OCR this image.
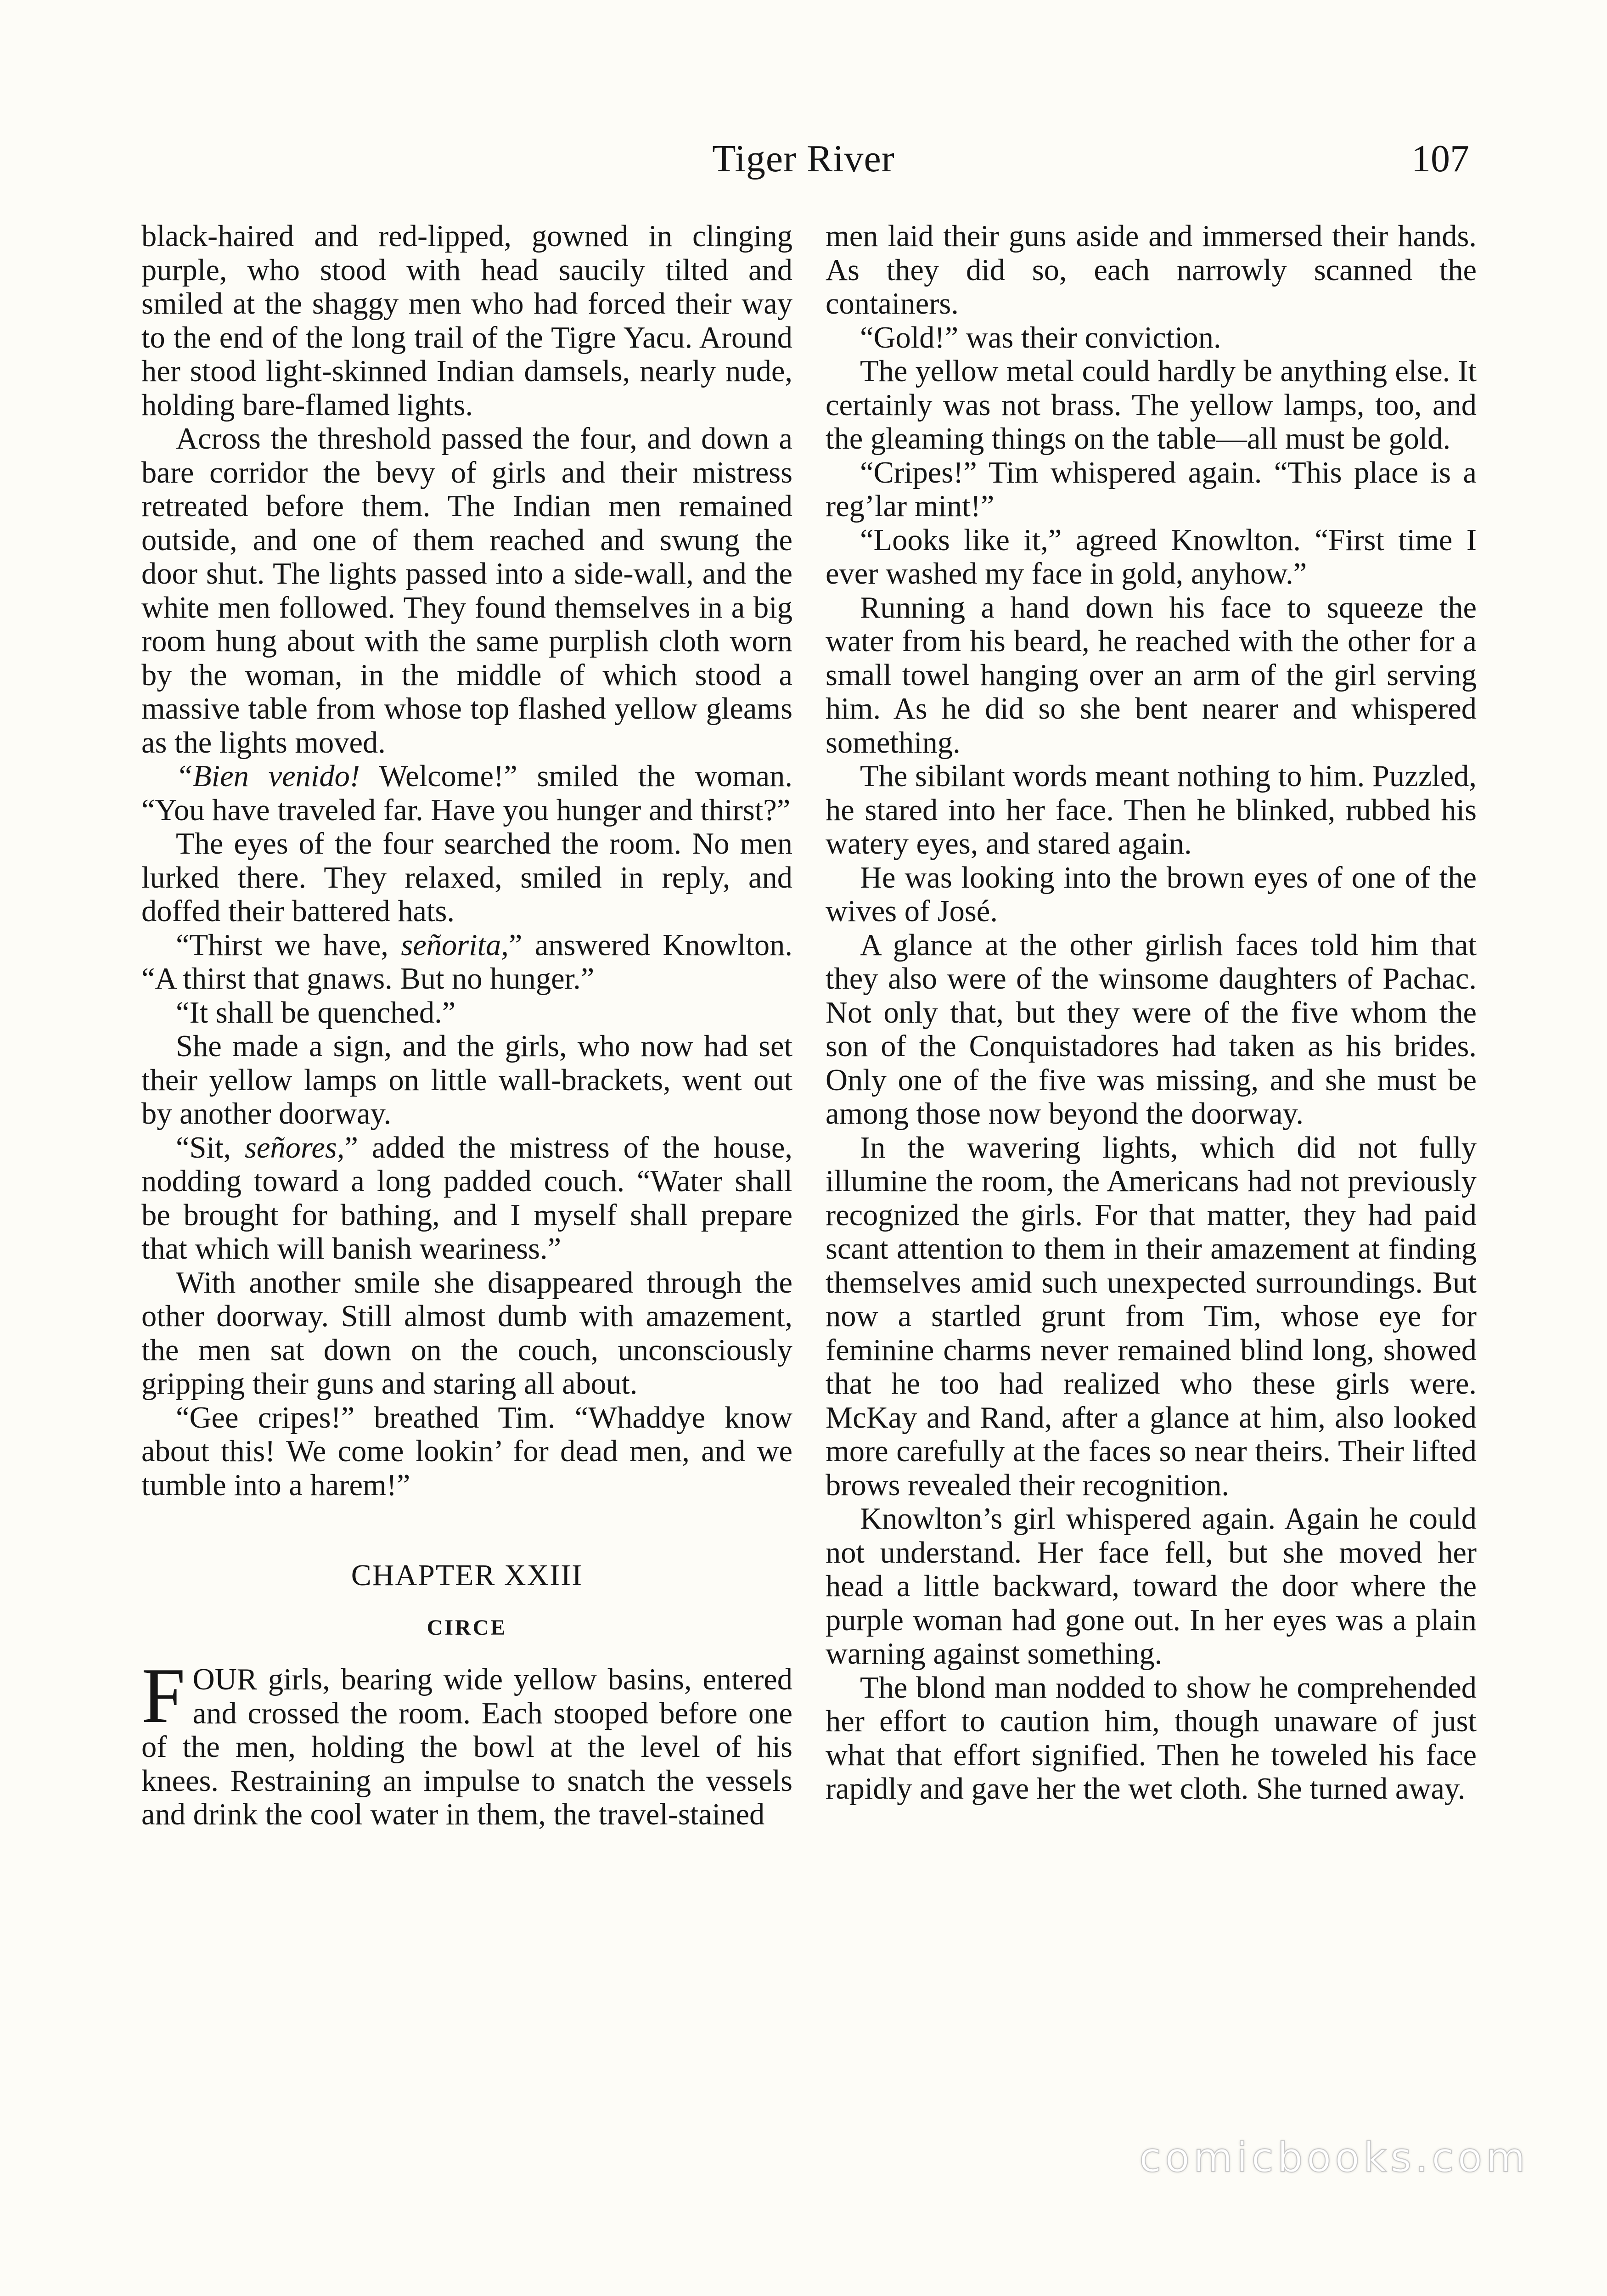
Tiger River	107

black-haired and red-lipped, gowned in clinging purple, who stood with head saucily tilted and smiled at the shaggy men who had forced their way to the end of the long trail of the Tigre Yacu. Around her stood light-skinned Indian damsels, nearly nude, holding bare-flamed lights.

Across the threshold passed the four, and down a bare corridor the bevy of girls and their mistress retreated before them. The Indian men remained outside, and one of them reached and swung the door shut. The lights passed into a side-wall, and the white men followed. They found themselves in a big room hung about with the same purplish cloth worn by the woman, in the middle of which stood a massive table from whose top flashed yellow gleams as the lights moved.

“Bien venido! Welcome!” smiled the woman. “You have traveled far. Have you hunger and thirst?”

The eyes of the four searched the room. No men lurked there. They relaxed, smiled in reply, and doffed their battered hats.

“Thirst we have, señorita,” answered Knowlton. “A thirst that gnaws. But no hunger.”

“It shall be quenched.”

She made a sign, and the girls, who now had set their yellow lamps on little wall-brackets, went out by another doorway.

“Sit, señores,” added the mistress of the house, nodding toward a long padded couch. “Water shall be brought for bathing, and I myself shall prepare that which will banish weariness.”

With another smile she disappeared through the other doorway. Still almost dumb with amazement, the men sat down on the couch, unconsciously gripping their guns and staring all about.

“Gee cripes!” breathed Tim. “Whaddye know about this! We come lookin’ for dead men, and we tumble into a harem!”

CHAPTER XXIII
CIRCE

FOUR girls, bearing wide yellow basins, entered and crossed the room. Each stooped before one of the men, holding the bowl at the level of his knees. Restraining an impulse to snatch the vessels and drink the cool water in them, the travel-stained

men laid their guns aside and immersed their hands. As they did so, each narrowly scanned the containers.

“Gold!” was their conviction.

The yellow metal could hardly be anything else. It certainly was not brass. The yellow lamps, too, and the gleaming things on the table—all must be gold.

“Cripes!” Tim whispered again. “This place is a reg’lar mint!”

“Looks like it,” agreed Knowlton. “First time I ever washed my face in gold, anyhow.”

Running a hand down his face to squeeze the water from his beard, he reached with the other for a small towel hanging over an arm of the girl serving him. As he did so she bent nearer and whispered something.

The sibilant words meant nothing to him. Puzzled, he stared into her face. Then he blinked, rubbed his watery eyes, and stared again.

He was looking into the brown eyes of one of the wives of José.

A glance at the other girlish faces told him that they also were of the winsome daughters of Pachac. Not only that, but they were of the five whom the son of the Conquistadores had taken as his brides. Only one of the five was missing, and she must be among those now beyond the doorway.

In the wavering lights, which did not fully illumine the room, the Americans had not previously recognized the girls. For that matter, they had paid scant attention to them in their amazement at finding themselves amid such unexpected surroundings. But now a startled grunt from Tim, whose eye for feminine charms never remained blind long, showed that he too had realized who these girls were. McKay and Rand, after a glance at him, also looked more carefully at the faces so near theirs. Their lifted brows revealed their recognition.

Knowlton’s girl whispered again. Again he could not understand. Her face fell, but she moved her head a little backward, toward the door where the purple woman had gone out. In her eyes was a plain warning against something.

The blond man nodded to show he comprehended her effort to caution him, though unaware of just what that effort signified. Then he toweled his face rapidly and gave her the wet cloth. She turned away.

comicbooks.com
